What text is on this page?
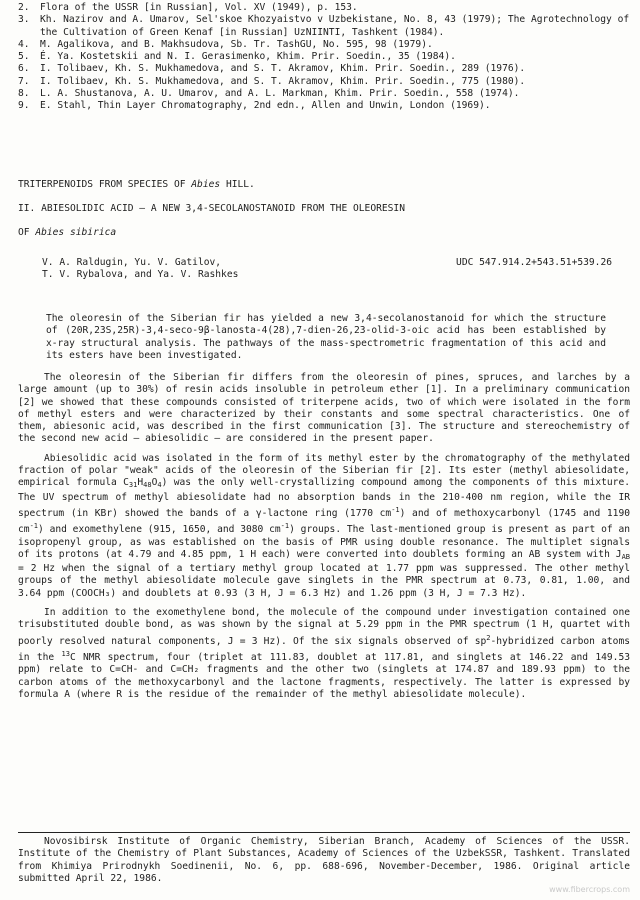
2.	Flora of the USSR [in Russian], Vol. XV (1949), p. 153.
3.	Kh. Nazirov and A. Umarov, Sel'skoe Khozyaistvo v Uzbekistane, No. 8, 43 (1979); The Agrotechnology of the Cultivation of Green Kenaf [in Russian] UzNIINTI, Tashkent (1984).
4.	M. Agalikova, and B. Makhsudova, Sb. Tr. TashGU, No. 595, 98 (1979).
5.	É. Ya. Kostetskii and N. I. Gerasimenko, Khim. Prir. Soedin., 35 (1984).
6.	I. Tolibaev, Kh. S. Mukhamedova, and S. T. Akramov, Khim. Prir. Soedin., 289 (1976).
7.	I. Tolibaev, Kh. S. Mukhamedova, and S. T. Akramov, Khim. Prir. Soedin., 775 (1980).
8.	L. A. Shustanova, A. U. Umarov, and A. L. Markman, Khim. Prir. Soedin., 558 (1974).
9.	E. Stahl, Thin Layer Chromatography, 2nd edn., Allen and Unwin, London (1969).
TRITERPENOIDS FROM SPECIES OF Abies HILL.
II. ABIESOLIDIC ACID — A NEW 3,4-SECOLANOSTANOID FROM THE OLEORESIN
OF Abies sibirica
V. A. Raldugin, Yu. V. Gatilov,	UDC 547.914.2+543.51+539.26
T. V. Rybalova, and Ya. V. Rashkes
The oleoresin of the Siberian fir has yielded a new 3,4-secolanostanoid for which the structure of (20R,23S,25R)-3,4-seco-9β-lanosta-4(28),7-dien-26,23-olid-3-oic acid has been established by x-ray structural analysis. The pathways of the mass-spectrometric fragmentation of this acid and its esters have been investigated.

The oleoresin of the Siberian fir differs from the oleoresin of pines, spruces, and larches by a large amount (up to 30%) of resin acids insoluble in petroleum ether [1]. In a preliminary communication [2] we showed that these compounds consisted of triterpene acids, two of which were isolated in the form of methyl esters and were characterized by their constants and some spectral characteristics. One of them, abiesonic acid, was described in the first communication [3]. The structure and stereochemistry of the second new acid — abiesolidic — are considered in the present paper.

Abiesolidic acid was isolated in the form of its methyl ester by the chromatography of the methylated fraction of polar "weak" acids of the oleoresin of the Siberian fir [2]. Its ester (methyl abiesolidate, empirical formula $C_{31}H_{48}O_4$) was the only well-crystallizing compound among the components of this mixture. The UV spectrum of methyl abiesolidate had no absorption bands in the 210-400 nm region, while the IR spectrum (in KBr) showed the bands of a γ-lactone ring (1770 $cm^{-1}$) and of methoxycarbonyl (1745 and 1190 $cm^{-1}$) and exomethylene (915, 1650, and 3080 $cm^{-1}$) groups. The last-mentioned group is present as part of an isopropenyl group, as was established on the basis of PMR using double resonance. The multiplet signals of its protons (at 4.79 and 4.85 ppm, 1 H each) were converted into doublets forming an AB system with $J_{AB} = 2$ Hz when the signal of a tertiary methyl group located at 1.77 ppm was suppressed. The other methyl groups of the methyl abiesolidate molecule gave singlets in the PMR spectrum at 0.73, 0.81, 1.00, and 3.64 ppm (COOCH₃) and doublets at 0.93 (3 H, J = 6.3 Hz) and 1.26 ppm (3 H, J = 7.3 Hz).

In addition to the exomethylene bond, the molecule of the compound under investigation contained one trisubstituted double bond, as was shown by the signal at 5.29 ppm in the PMR spectrum (1 H, quartet with poorly resolved natural components, J = 3 Hz). Of the six signals observed of $sp^2$-hybridized carbon atoms in the $^{13}$C NMR spectrum, four (triplet at 111.83, doublet at 117.81, and singlets at 146.22 and 149.53 ppm) relate to C=CH- and C=CH₂ fragments and the other two (singlets at 174.87 and 189.93 ppm) to the carbon atoms of the methoxycarbonyl and the lactone fragments, respectively. The latter is expressed by formula A (where R is the residue of the remainder of the methyl abiesolidate molecule).

Novosibirsk Institute of Organic Chemistry, Siberian Branch, Academy of Sciences of the USSR. Institute of the Chemistry of Plant Substances, Academy of Sciences of the UzbekSSR, Tashkent. Translated from Khimiya Prirodnykh Soedinenii, No. 6, pp. 688-696, November-December, 1986. Original article submitted April 22, 1986.
www.fibercrops.com
